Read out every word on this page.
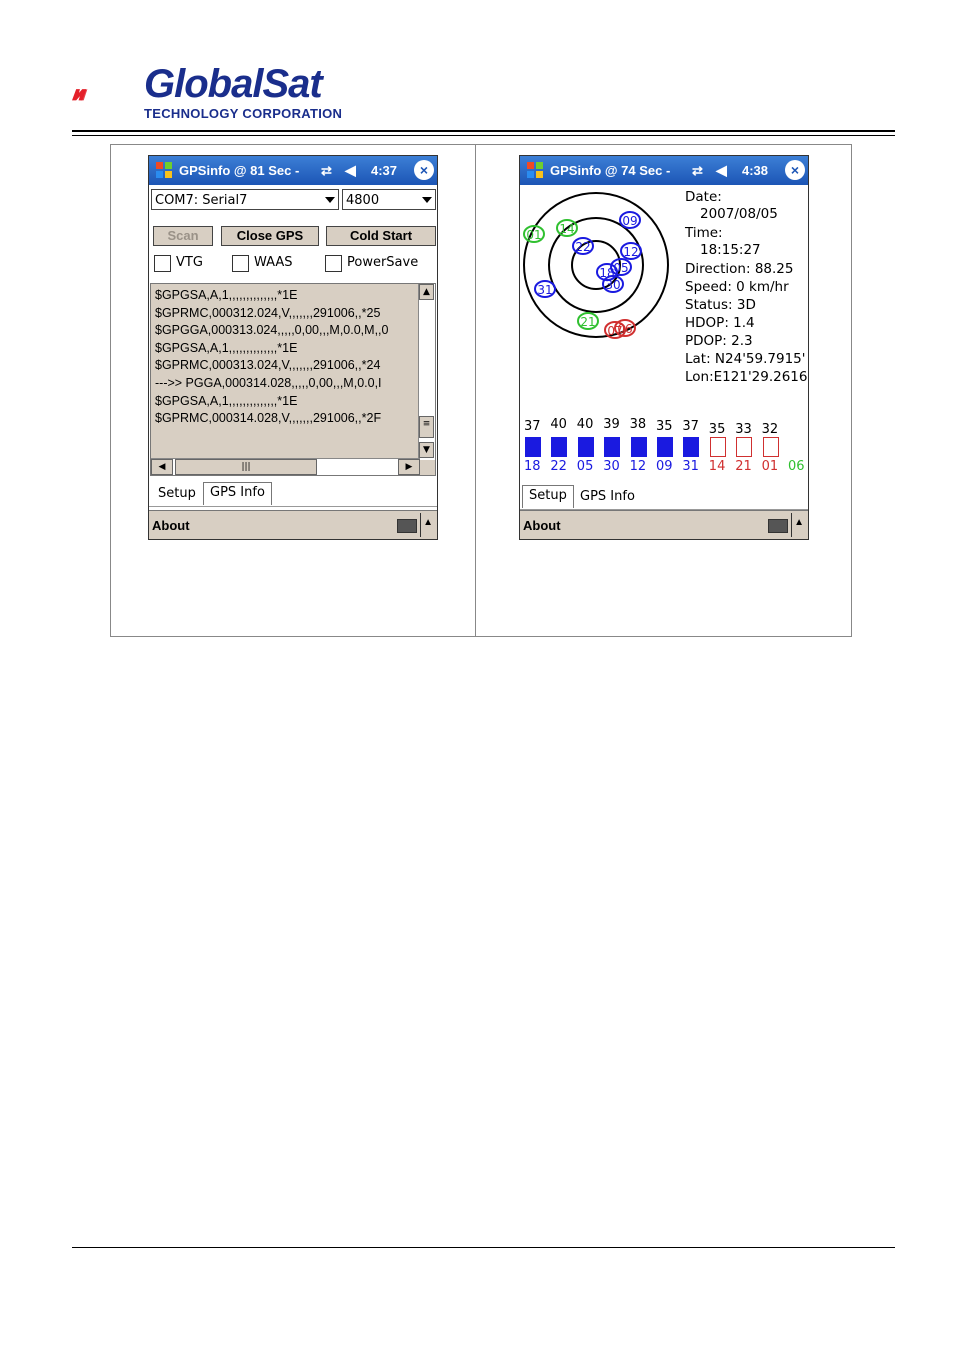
GlobalSat
TECHNOLOGY CORPORATION
GPSinfo @ 81 Sec - ⇄ ◀︎ 4:37	×
COM7: Serial7	4800
Scan	Close GPS	Cold Start
VTG	WAAS	PowerSave
$GPGSA,A,1,,,,,,,,,,,,,,*1E
$GPRMC,000312.024,V,,,,,,,291006,,*25
$GPGGA,000313.024,,,,,0,00,,,M,0.0,M,,0
$GPGSA,A,1,,,,,,,,,,,,,,*1E
$GPRMC,000313.024,V,,,,,,,291006,,*24
--->> PGGA,000314.028,,,,,0,00,,,M,0.0,I
$GPGSA,A,1,,,,,,,,,,,,,,*1E
$GPRMC,000314.028,V,,,,,,,291006,,*2F
▲
≡
▼
◀	|||	▶
Setup	GPS Info
About	▲
GPSinfo @ 74 Sec - ⇄ ◀︎ 4:38	×
01 14
09
22	12
18
05
30
31
21
07
06
Date:
2007/08/05
Time:
18:15:27
Direction: 88.25
Speed: 0 km/hr
Status: 3D
HDOP: 1.4
PDOP: 2.3
Lat: N24'59.7915'
Lon:E121'29.2616
37
18
40
22
40
05
39
30
38
12
35
09
37
31
35
14
33
21
32
01 06
Setup	GPS Info
About	▲
